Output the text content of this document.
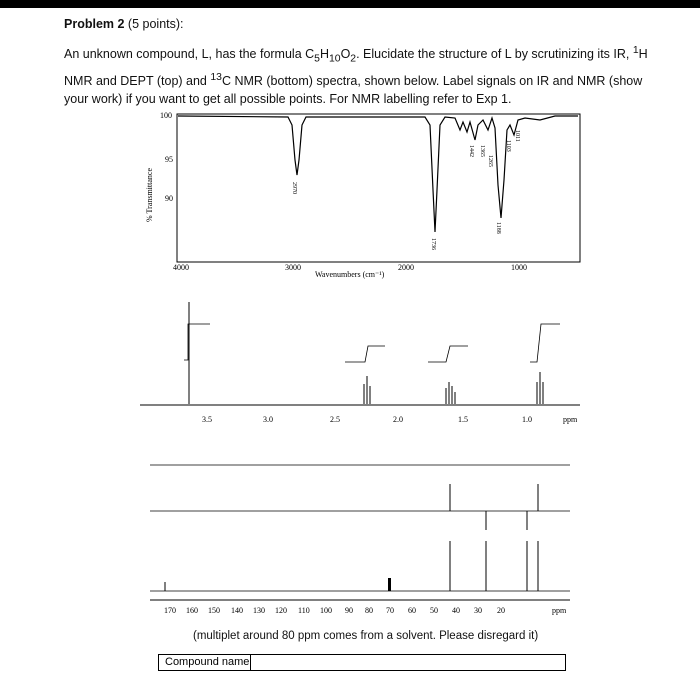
Problem 2 (5 points):
An unknown compound, L, has the formula $C_5H_{10}O_2$. Elucidate the structure of L by scrutinizing its IR, $^1$H NMR and DEPT (top) and $^{13}$C NMR (bottom) spectra, shown below. Label signals on IR and NMR (show your work) if you want to get all possible points. For NMR labelling refer to Exp 1.
% Transmittance
100
95
90
4000	3000	2000	1000
Wavenumbers (cm⁻¹)
2970
1736
1442 1365
1265
1188
1103
1011
3.5	3.0	2.5	2.0	1.5	1.0	ppm
170 160 150 140 130 120 110 100 90 80 70 60 50 40 30 20	ppm
(multiplet around 80 ppm comes from a solvent. Please disregard it)
Compound name
